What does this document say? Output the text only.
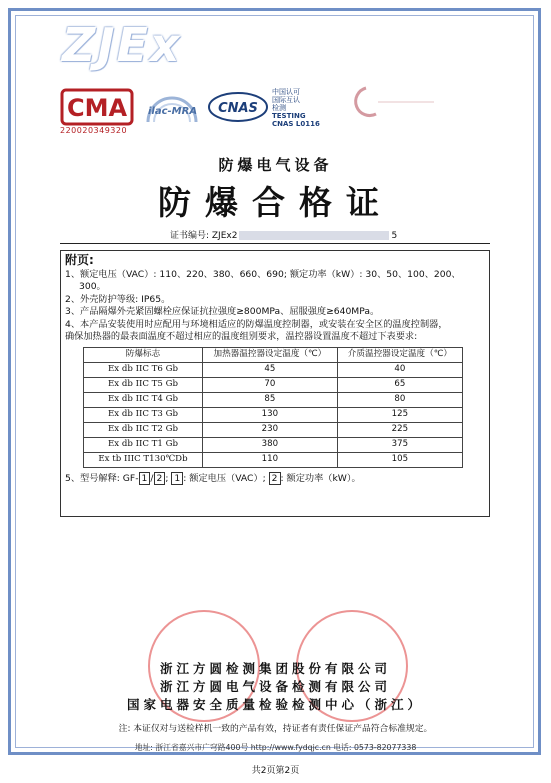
ZJEx
CMA
220020349320
ilac-MRA CNAS
中国认可
国际互认
检测
TESTING
CNAS L0116
防爆电气设备
防爆合格证
证书编号: ZJEx2	5
附页:

1、额定电压（VAC）: 110、220、380、660、690; 额定功率（kW）: 30、50、100、200、

300。

2、外壳防护等级: IP65。

3、产品隔爆外壳紧固螺栓应保证抗拉强度≥800MPa、屈服强度≥640MPa。

4、本产品安装使用时应配用与环境相适应的防爆温度控制器，或安装在安全区的温度控制器，

确保加热器的最表面温度不超过相应的温度组别要求，温控器设置温度不超过下表要求:

防爆标志	加热器温控器设定温度（℃）	介质温控器设定温度（℃）
Ex db IIC T6 Gb	45	40
Ex db IIC T5 Gb	70	65
Ex db IIC T4 Gb	85	80
Ex db IIC T3 Gb	130	125
Ex db IIC T2 Gb	230	225
Ex db IIC T1 Gb	380	375
Ex tb IIIC T130℃Db	110	105

5、型号解释: GF- 1 / 2 ; 1 : 额定电压（VAC）; 2 : 额定功率（kW）。

浙江方圆检测集团股份有限公司
浙江方圆电气设备检测有限公司
国家电器安全质量检验检测中心（浙江）
注: 本证仅对与送检样机一致的产品有效，持证者有责任保证产品符合标准规定。
地址: 浙江省嘉兴市广穹路400号 http://www.fydqjc.cn 电话: 0573-82077338
共2页第2页
